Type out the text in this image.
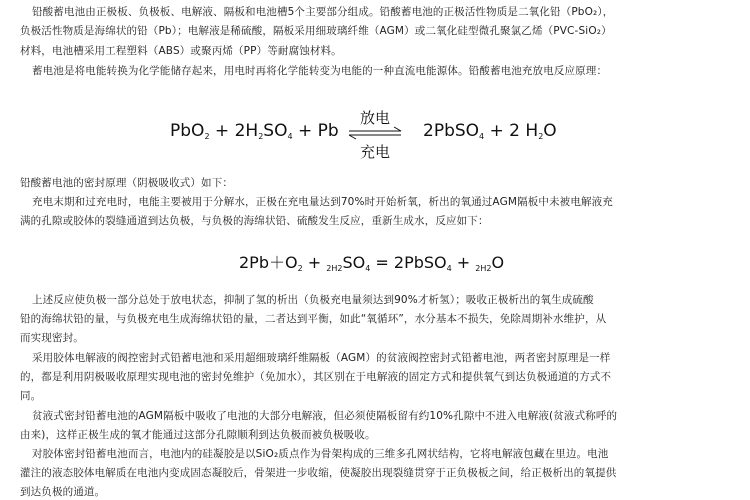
铅酸蓄电池由正极板、负极板、电解液、隔板和电池槽5个主要部分组成。铅酸蓄电池的正极活性物质是二氧化铅（PbO₂），
负极活性物质是海绵状的铅（Pb）；电解液是稀硫酸，隔板采用细玻璃纤维（AGM）或二氧化硅型微孔聚氯乙烯（PVC-SiO₂）
材料，电池槽采用工程塑料（ABS）或聚丙烯（PP）等耐腐蚀材料。
蓄电池是将电能转换为化学能储存起来，用电时再将化学能转变为电能的一种直流电能源体。铅酸蓄电池充放电反应原理：
$PbO_2 + 2H_2SO_4 + Pb$
放电
充电
2PbSO$_4$ + 2 $H_2O$
铅酸蓄电池的密封原理（阴极吸收式）如下：
充电末期和过充电时，电能主要被用于分解水，正极在充电量达到70%时开始析氧，析出的氧通过AGM隔板中未被电解液充
满的孔隙或胶体的裂缝通道到达负极，与负极的海绵状铅、硫酸发生反应，重新生成水，反应如下：
$2Pb+O_2 + _{2H2}SO_4$ = 2PbSO$_4$ + $_{2H2}$O
上述反应使负极一部分总处于放电状态，抑制了氢的析出（负极充电量须达到90%才析氢）；吸收正极析出的氧生成硫酸
铅的海绵状铅的量，与负极充电生成海绵状铅的量，二者达到平衡，如此“氧循环”，水分基本不损失，免除周期补水维护，从
而实现密封。
采用胶体电解液的阀控密封式铅蓄电池和采用超细玻璃纤维隔板（AGM）的贫液阀控密封式铅蓄电池，两者密封原理是一样
的，都是利用阴极吸收原理实现电池的密封免维护（免加水），其区别在于电解液的固定方式和提供氧气到达负极通道的方式不
同。
贫液式密封铅蓄电池的AGM隔板中吸收了电池的大部分电解液，但必须使隔板留有约10%孔隙中不进入电解液(贫液式称呼的
由来)，这样正极生成的氧才能通过这部分孔隙顺利到达负极而被负极吸收。
对胶体密封铅蓄电池而言，电池内的硅凝胶是以SiO₂质点作为骨架构成的三维多孔网状结构，它将电解液包藏在里边。电池
灌注的液态胶体电解质在电池内变成固态凝胶后，骨架进一步收缩，使凝胶出现裂缝贯穿于正负极板之间，给正极析出的氧提供
到达负极的通道。
